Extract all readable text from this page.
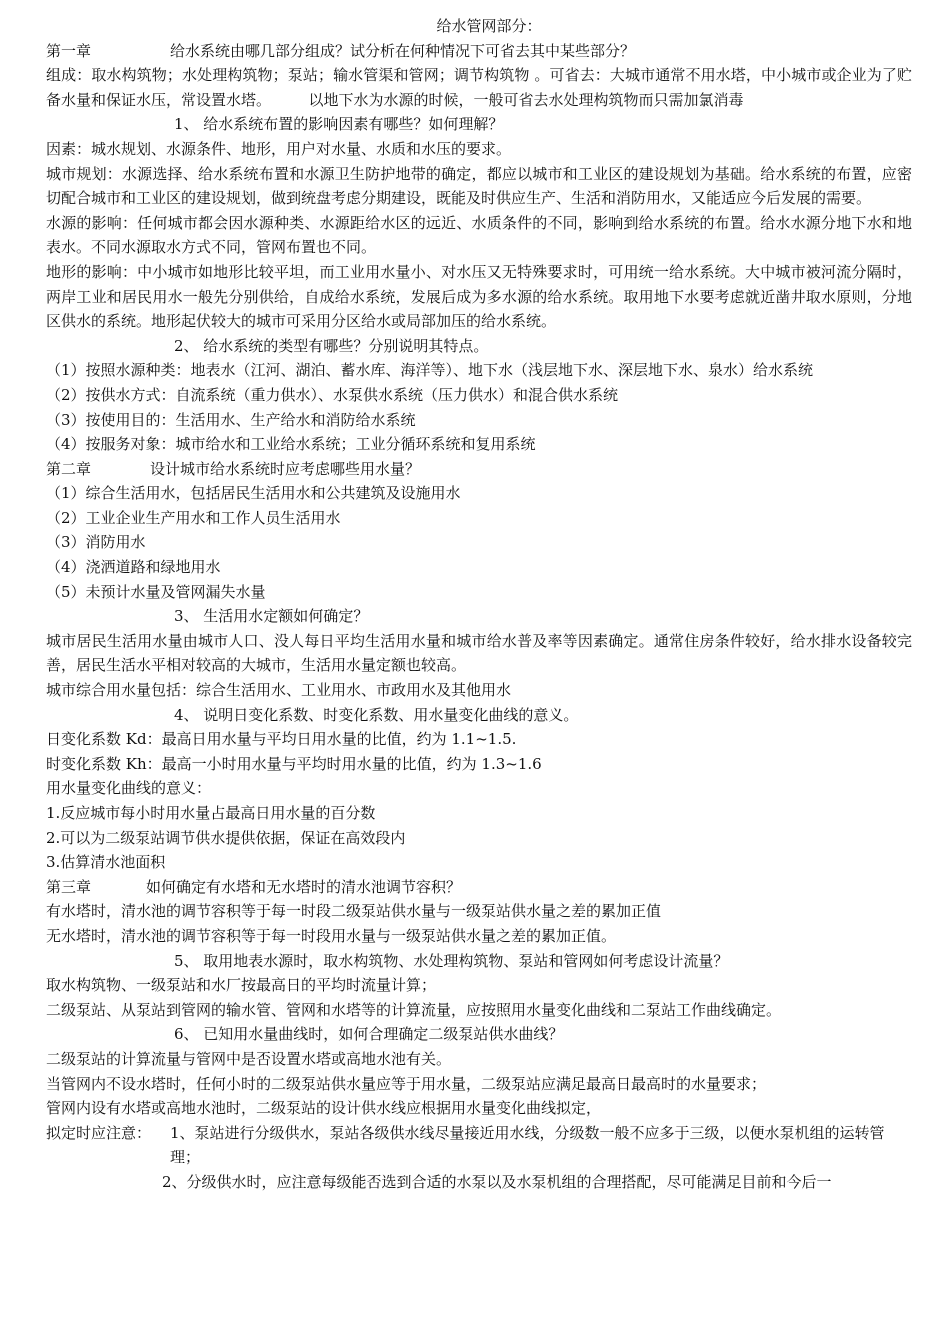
给水管网部分：
第一章	给水系统由哪几部分组成？试分析在何种情况下可省去其中某些部分？
组成：取水构筑物；水处理构筑物；泵站；输水管渠和管网；调节构筑物 。可省去：大城市通常不用水塔，中小城市或企业为了贮备水量和保证水压，常设置水塔。　　　以地下水为水源的时候，一般可省去水处理构筑物而只需加氯消毒
1、 给水系统布置的影响因素有哪些？如何理解？
因素：城水规划、水源条件、地形，用户对水量、水质和水压的要求。
城市规划：水源选择、给水系统布置和水源卫生防护地带的确定，都应以城市和工业区的建设规划为基础。给水系统的布置，应密切配合城市和工业区的建设规划，做到统盘考虑分期建设，既能及时供应生产、生活和消防用水，又能适应今后发展的需要。
水源的影响：任何城市都会因水源种类、水源距给水区的远近、水质条件的不同，影响到给水系统的布置。给水水源分地下水和地表水。不同水源取水方式不同，管网布置也不同。
地形的影响：中小城市如地形比较平坦，而工业用水量小、对水压又无特殊要求时，可用统一给水系统。大中城市被河流分隔时，两岸工业和居民用水一般先分别供给，自成给水系统，发展后成为多水源的给水系统。取用地下水要考虑就近凿井取水原则，分地区供水的系统。地形起伏较大的城市可采用分区给水或局部加压的给水系统。
2、 给水系统的类型有哪些？分别说明其特点。
（1）按照水源种类：地表水（江河、湖泊、蓄水库、海洋等）、地下水（浅层地下水、深层地下水、泉水）给水系统
（2）按供水方式：自流系统（重力供水）、水泵供水系统（压力供水）和混合供水系统
（3）按使用目的：生活用水、生产给水和消防给水系统
（4）按服务对象：城市给水和工业给水系统；工业分循环系统和复用系统
第二章	设计城市给水系统时应考虑哪些用水量？
（1）综合生活用水，包括居民生活用水和公共建筑及设施用水
（2）工业企业生产用水和工作人员生活用水
（3）消防用水
（4）浇洒道路和绿地用水
（5）未预计水量及管网漏失水量
3、 生活用水定额如何确定？
城市居民生活用水量由城市人口、没人每日平均生活用水量和城市给水普及率等因素确定。通常住房条件较好，给水排水设备较完善，居民生活水平相对较高的大城市，生活用水量定额也较高。
城市综合用水量包括：综合生活用水、工业用水、市政用水及其他用水
4、 说明日变化系数、时变化系数、用水量变化曲线的意义。
日变化系数 Kd：最高日用水量与平均日用水量的比值，约为 1.1~1.5.
时变化系数 Kh：最高一小时用水量与平均时用水量的比值，约为 1.3~1.6
用水量变化曲线的意义：
1.反应城市每小时用水量占最高日用水量的百分数
2.可以为二级泵站调节供水提供依据，保证在高效段内
3.估算清水池面积
第三章	如何确定有水塔和无水塔时的清水池调节容积？
有水塔时，清水池的调节容积等于每一时段二级泵站供水量与一级泵站供水量之差的累加正值
无水塔时，清水池的调节容积等于每一时段用水量与一级泵站供水量之差的累加正值。
5、 取用地表水源时，取水构筑物、水处理构筑物、泵站和管网如何考虑设计流量？
取水构筑物、一级泵站和水厂按最高日的平均时流量计算；
二级泵站、从泵站到管网的输水管、管网和水塔等的计算流量，应按照用水量变化曲线和二泵站工作曲线确定。
6、 已知用水量曲线时，如何合理确定二级泵站供水曲线？
二级泵站的计算流量与管网中是否设置水塔或高地水池有关。
当管网内不设水塔时，任何小时的二级泵站供水量应等于用水量，二级泵站应满足最高日最高时的水量要求；
管网内设有水塔或高地水池时，二级泵站的设计供水线应根据用水量变化曲线拟定，
拟定时应注意：	1、泵站进行分级供水，泵站各级供水线尽量接近用水线，分级数一般不应多于三级，以便水泵机组的运转管理；
2、分级供水时，应注意每级能否选到合适的水泵以及水泵机组的合理搭配，尽可能满足目前和今后一
